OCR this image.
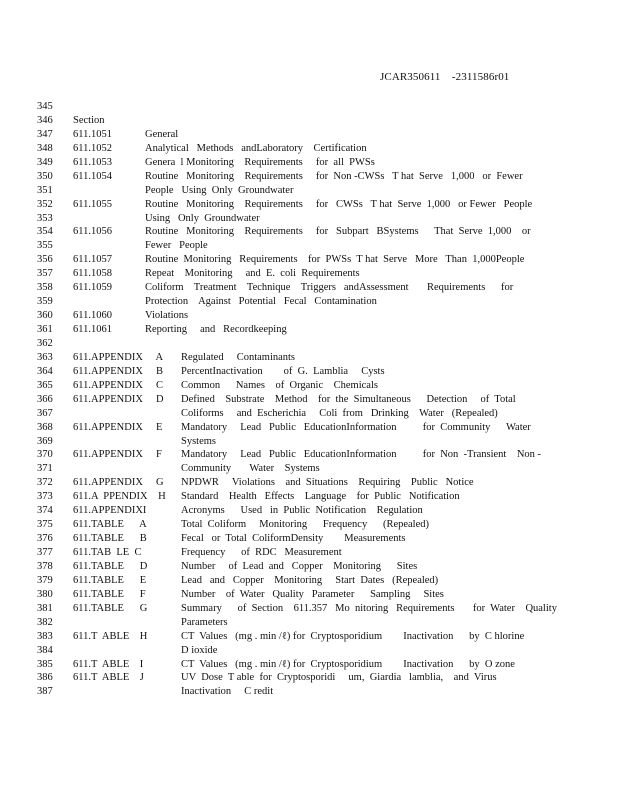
JCAR350611    -2311586r01
345
346	Section
347	611.1051	General
348	611.1052	Analytical   Methods   andLaboratory    Certification
349	611.1053	Genera  l Monitoring    Requirements     for  all  PWSs
350	611.1054	Routine   Monitoring    Requirements     for  Non -CWSs   T hat  Serve   1,000   or  Fewer
351	People   Using  Only  Groundwater
352	611.1055	Routine   Monitoring    Requirements     for   CWSs   T hat  Serve  1,000   or Fewer   People
353	Using   Only  Groundwater
354	611.1056	Routine   Monitoring    Requirements     for   Subpart   BSystems      That  Serve  1,000    or
355	Fewer   People
356	611.1057	Routine  Monitoring   Requirements    for  PWSs  T hat  Serve   More   Than  1,000People
357	611.1058	Repeat    Monitoring     and  E.  coli  Requirements
358	611.1059	Coliform    Treatment    Technique    Triggers   andAssessment       Requirements      for
359	Protection    Against   Potential   Fecal   Contamination
360	611.1060	Violations
361	611.1061	Reporting     and   Recordkeeping
362
363	611.APPENDIX     A Regulated     Contaminants
364	611.APPENDIX     B PercentInactivation        of  G.  Lamblia     Cysts
365	611.APPENDIX     C Common      Names    of  Organic    Chemicals
366	611.APPENDIX     D Defined    Substrate    Method    for  the  Simultaneous      Detection     of  Total
367	Coliforms     and  Escherichia     Coli  from   Drinking    Water   (Repealed)
368	611.APPENDIX     E Mandatory     Lead   Public   EducationInformation          for  Community      Water
369	Systems
370	611.APPENDIX     F Mandatory     Lead   Public   EducationInformation          for  Non  -Transient    Non -
371	Community       Water    Systems
372	611.APPENDIX     G NPDWR     Violations    and  Situations    Requiring    Public   Notice
373	611.A  PPENDIX    H Standard    Health   Effects    Language    for  Public   Notification
374	611.APPENDIXI	Acronyms      Used   in  Public  Notification    Regulation
375	611.TABLE      A	Total  Coliform     Monitoring      Frequency      (Repealed)
376	611.TABLE      B	Fecal   or  Total  ColiformDensity        Measurements
377	611.TAB  LE  C	Frequency      of  RDC   Measurement
378	611.TABLE      D	Number     of  Lead  and   Copper    Monitoring      Sites
379	611.TABLE      E	Lead   and   Copper    Monitoring     Start  Dates   (Repealed)
380	611.TABLE      F	Number    of  Water   Quality   Parameter      Sampling     Sites
381	611.TABLE      G	Summary      of  Section    611.357   Mo  nitoring   Requirements       for  Water    Quality
382	Parameters
383	611.T  ABLE    H	CT  Values   (mg . min /ℓ) for  Cryptosporidium        Inactivation      by  C hlorine
384	D ioxide
385	611.T  ABLE    I	CT  Values   (mg . min /ℓ) for  Cryptosporidium        Inactivation      by  O zone
386	611.T  ABLE    J	UV  Dose  T able  for  Cryptosporidi     um,  Giardia   lamblia,    and  Virus
387	Inactivation     C redit
